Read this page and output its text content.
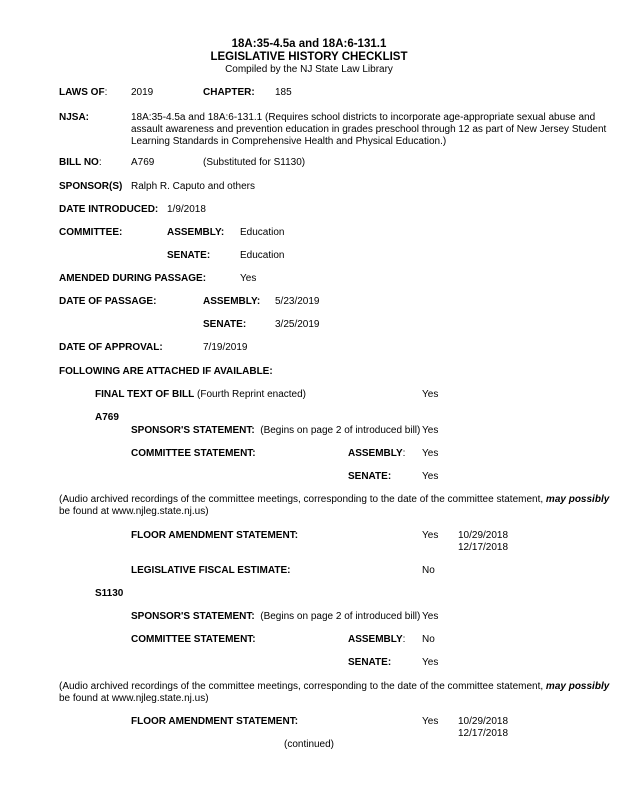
18A:35-4.5a and 18A:6-131.1
LEGISLATIVE HISTORY CHECKLIST
Compiled by the NJ State Law Library
LAWS OF: 2019	CHAPTER: 185
NJSA:	18A:35-4.5a and 18A:6-131.1 (Requires school districts to incorporate age-appropriate sexual abuse and
assault awareness and prevention education in grades preschool through 12 as part of New Jersey Student
Learning Standards in Comprehensive Health and Physical Education.)
BILL NO:	A769	(Substituted for S1130)
SPONSOR(S) Ralph R. Caputo and others
DATE INTRODUCED: 1/9/2018
COMMITTEE:	ASSEMBLY: Education
SENATE:	Education
AMENDED DURING PASSAGE:	Yes
DATE OF PASSAGE:	ASSEMBLY: 5/23/2019
SENATE:	3/25/2019
DATE OF APPROVAL:	7/19/2019
FOLLOWING ARE ATTACHED IF AVAILABLE:
FINAL TEXT OF BILL (Fourth Reprint enacted)	Yes
A769
SPONSOR'S STATEMENT: (Begins on page 2 of introduced bill) Yes
COMMITTEE STATEMENT:	ASSEMBLY: Yes
SENATE:	Yes
(Audio archived recordings of the committee meetings, corresponding to the date of the committee statement, may possibly
be found at www.njleg.state.nj.us)
FLOOR AMENDMENT STATEMENT:	Yes 10/29/2018
12/17/2018
LEGISLATIVE FISCAL ESTIMATE:	No
S1130
SPONSOR'S STATEMENT: (Begins on page 2 of introduced bill) Yes
COMMITTEE STATEMENT:	ASSEMBLY: No
SENATE:	Yes
(Audio archived recordings of the committee meetings, corresponding to the date of the committee statement, may possibly
be found at www.njleg.state.nj.us)
FLOOR AMENDMENT STATEMENT:	Yes 10/29/2018
12/17/2018
(continued)
